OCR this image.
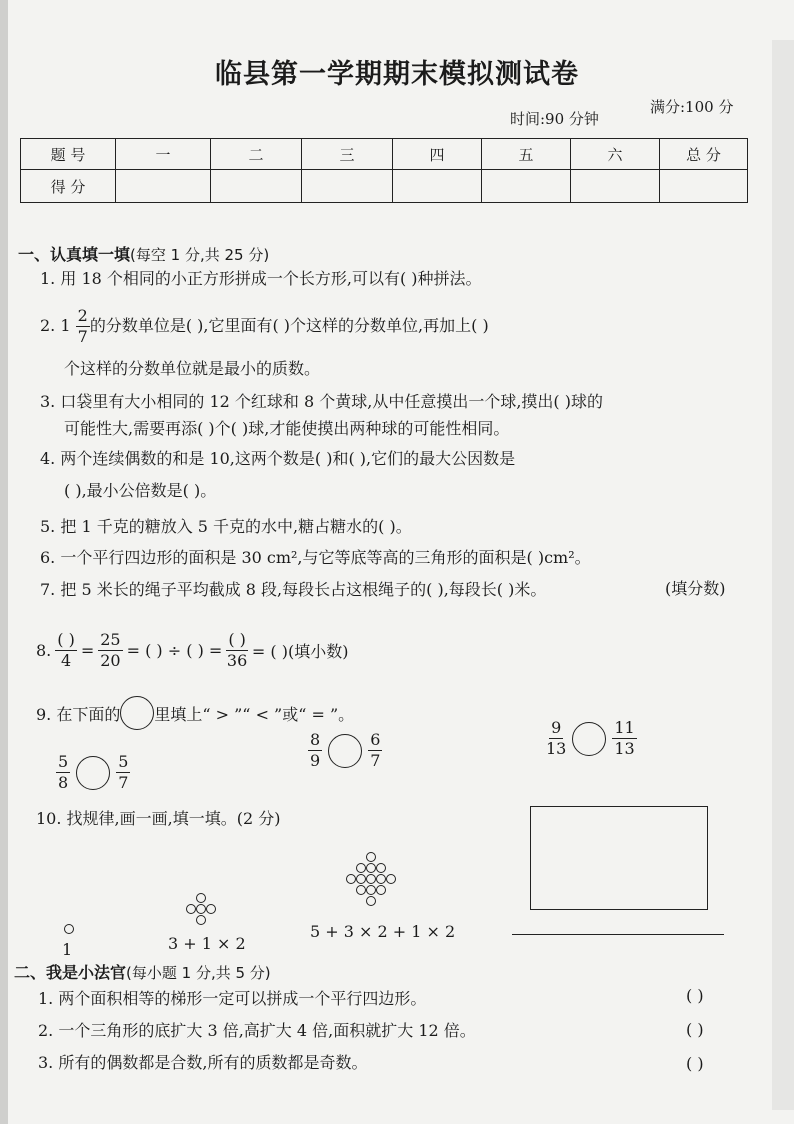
临县第一学期期末模拟测试卷
时间:90 分钟
满分:100 分
题 号	一	二	三	四	五	六	总 分
得 分							
一、认真填一填(每空 1 分,共 25 分)
1. 用 18 个相同的小正方形拼成一个长方形,可以有( )种拼法。
2. $1 \frac{2}{7}$ 的分数单位是( ),它里面有( )个这样的分数单位,再加上( )
个这样的分数单位就是最小的质数。
3. 口袋里有大小相同的 12 个红球和 8 个黄球,从中任意摸出一个球,摸出( )球的
可能性大,需要再添( )个( )球,才能使摸出两种球的可能性相同。
4. 两个连续偶数的和是 10,这两个数是( )和( ),它们的最大公因数是
( ),最小公倍数是( )。
5. 把 1 千克的糖放入 5 千克的水中,糖占糖水的( )。
6. 一个平行四边形的面积是 30 cm²,与它等底等高的三角形的面积是( )cm²。
7. 把 5 米长的绳子平均截成 8 段,每段长占这根绳子的( ),每段长( )米。	(填分数)
8. $\frac{( )}{4} = \frac{25}{20}$ = ( ) ÷ ( ) = $\frac{( )}{36}$ = ( )(填小数)
9. 在下面的 里填上“ > ”“ < ”或“ = ”。
$\frac{5}{8}$	$\frac{5}{7}$
$\frac{8}{9}$	$\frac{6}{7}$	$\frac{9}{13}$	$\frac{11}{13}$
10. 找规律,画一画,填一填。(2 分)
1	3 + 1 × 2
5 + 3 × 2 + 1 × 2
二、我是小法官(每小题 1 分,共 5 分)
1. 两个面积相等的梯形一定可以拼成一个平行四边形。	( )
2. 一个三角形的底扩大 3 倍,高扩大 4 倍,面积就扩大 12 倍。	( )
3. 所有的偶数都是合数,所有的质数都是奇数。	( )
